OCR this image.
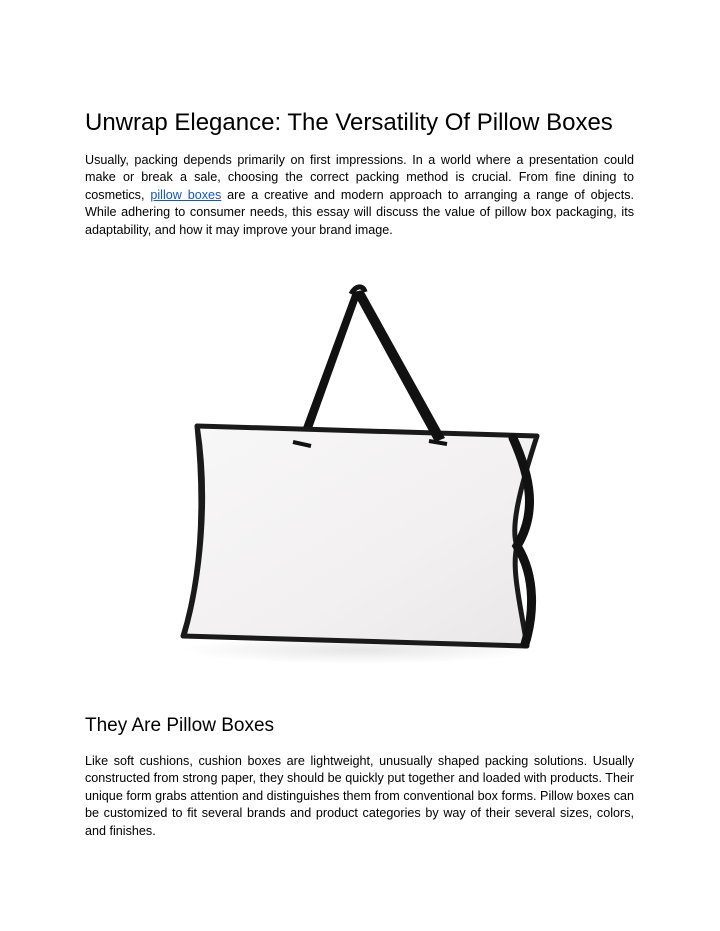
Unwrap Elegance: The Versatility Of Pillow Boxes

Usually, packing depends primarily on first impressions. In a world where a presentation could make or break a sale, choosing the correct packing method is crucial. From fine dining to cosmetics, pillow boxes are a creative and modern approach to arranging a range of objects. While adhering to consumer needs, this essay will discuss the value of pillow box packaging, its adaptability, and how it may improve your brand image.

They Are Pillow Boxes

Like soft cushions, cushion boxes are lightweight, unusually shaped packing solutions. Usually constructed from strong paper, they should be quickly put together and loaded with products. Their unique form grabs attention and distinguishes them from conventional box forms. Pillow boxes can be customized to fit several brands and product categories by way of their several sizes, colors, and finishes.
